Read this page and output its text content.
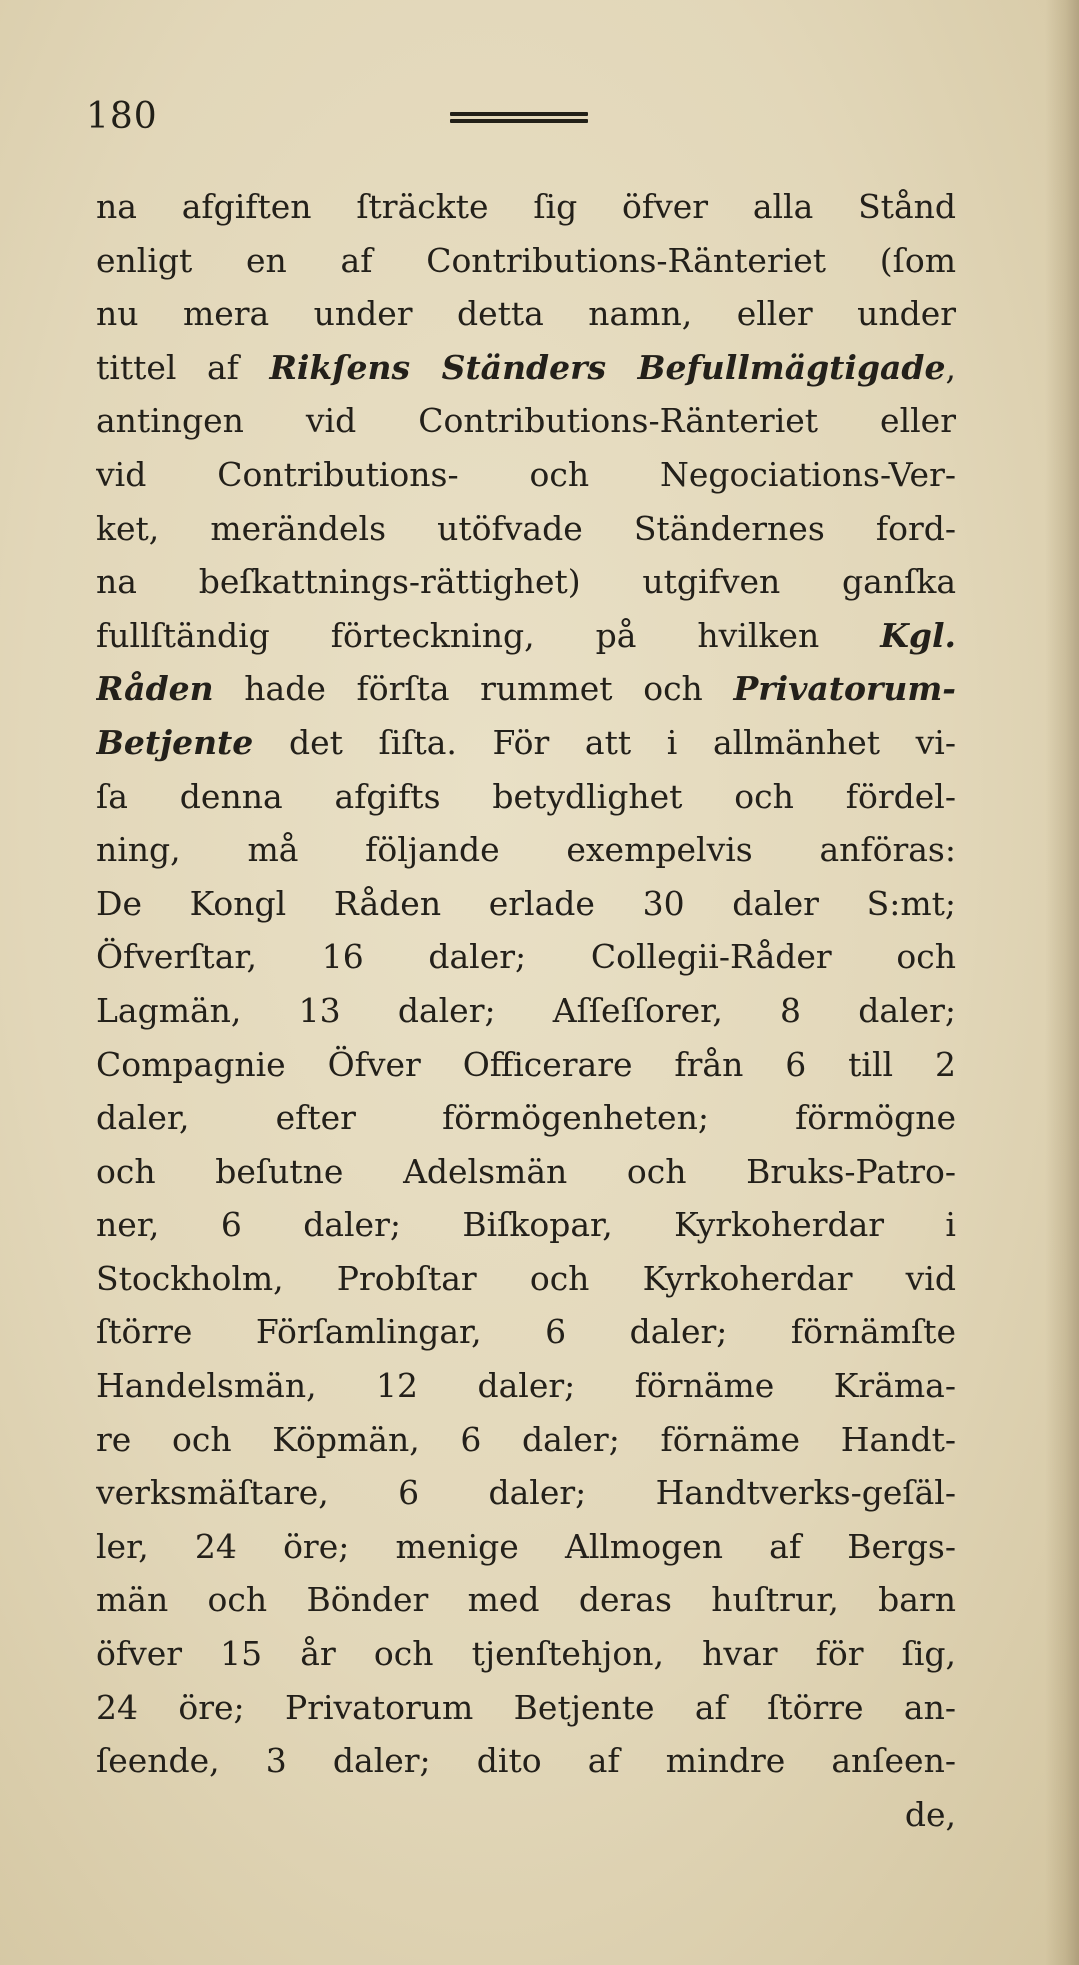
180
na afgiften ſträckte ſig öfver alla Stånd
enligt en af Contributions-Ränteriet (ſom
nu mera under detta namn, eller under
tittel af Rikſens Ständers Befullmägtigade,
antingen vid Contributions-Ränteriet eller
vid Contributions- och Negociations-Ver-
ket, merändels utöfvade Ständernes ford-
na beſkattnings-rättighet) utgifven ganſka
fullſtändig förteckning, på hvilken Kgl.
Råden hade förſta rummet och Privatorum-
Betjente det ſiſta. För att i allmänhet vi-
ſa denna afgifts betydlighet och fördel-
ning, må följande exempelvis anföras:
De Kongl Råden erlade 30 daler S:mt;
Öfverſtar, 16 daler; Collegii-Råder och
Lagmän, 13 daler; Aſſeſſorer, 8 daler;
Compagnie Öfver Officerare från 6 till 2
daler, efter förmögenheten; förmögne
och beſutne Adelsmän och Bruks-Patro-
ner, 6 daler; Biſkopar, Kyrkoherdar i
Stockholm, Probſtar och Kyrkoherdar vid
ſtörre Förſamlingar, 6 daler; förnämſte
Handelsmän, 12 daler; förnäme Kräma-
re och Köpmän, 6 daler; förnäme Handt-
verksmäſtare, 6 daler; Handtverks-geſäl-
ler, 24 öre; menige Allmogen af Bergs-
män och Bönder med deras huſtrur, barn
öfver 15 år och tjenſtehjon, hvar för ſig,
24 öre; Privatorum Betjente af ſtörre an-
ſeende, 3 daler; dito af mindre anſeen-
de,
